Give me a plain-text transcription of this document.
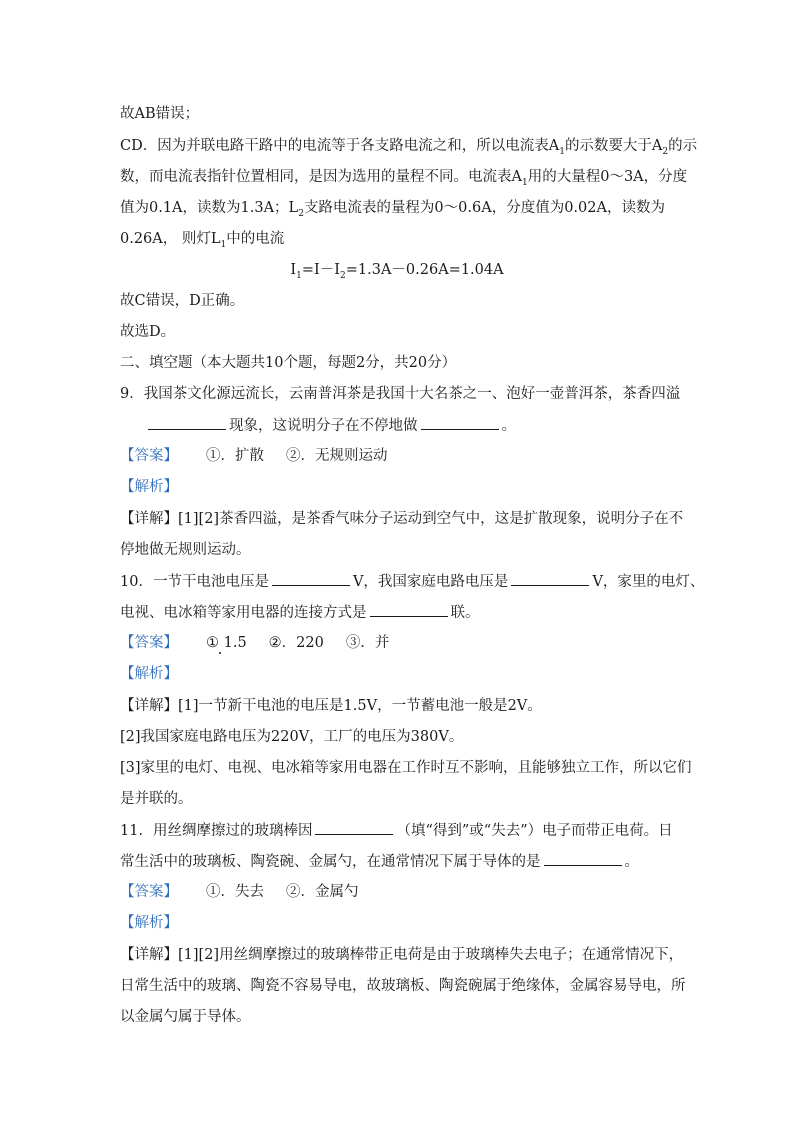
故AB错误；
CD．因为并联电路干路中的电流等于各支路电流之和，所以电流表$A_1$的示数要大于$A_2$的示
数，而电流表指针位置相同，是因为选用的量程不同。电流表$A_1$用的大量程0～3A，分度
值为0.1A，读数为1.3A；$L_2$支路电流表的量程为0～0.6A，分度值为0.02A，读数为
0.26A， 则灯$L_1$中的电流
$I_1=I-I_2=1.3A-0.26A=1.04A$
故C错误，D正确。
故选D。
二、填空题（本大题共10个题，每题2分，共20分）
9．我国茶文化源远流长，云南普洱茶是我国十大名茶之一、泡好一壶普洱茶，茶香四溢
现象，这说明分子在不停地做	。
【答案】 ①．扩散 ②．无规则运动
【解析】
【详解】[1][2]茶香四溢，是茶香气味分子运动到空气中，这是扩散现象，说明分子在不
停地做无规则运动。
10．一节干电池电压是	V，我国家庭电路电压是	V，家里的电灯、
电视、电冰箱等家用电器的连接方式是	联。
【答案】 ① 1.5 ②．220 ③．并
【解析】
【详解】[1]一节新干电池的电压是1.5V，一节蓄电池一般是2V。
[2]我国家庭电路电压为220V，工厂的电压为380V。
[3]家里的电灯、电视、电冰箱等家用电器在工作时互不影响，且能够独立工作，所以它们
是并联的。
11．用丝绸摩擦过的玻璃棒因	（填“得到”或“失去”）电子而带正电荷。日
常生活中的玻璃板、陶瓷碗、金属勺，在通常情况下属于导体的是	。
【答案】 ①．失去 ②．金属勺
【解析】
【详解】[1][2]用丝绸摩擦过的玻璃棒带正电荷是由于玻璃棒失去电子；在通常情况下，
日常生活中的玻璃、陶瓷不容易导电，故玻璃板、陶瓷碗属于绝缘体，金属容易导电，所
以金属勺属于导体。
